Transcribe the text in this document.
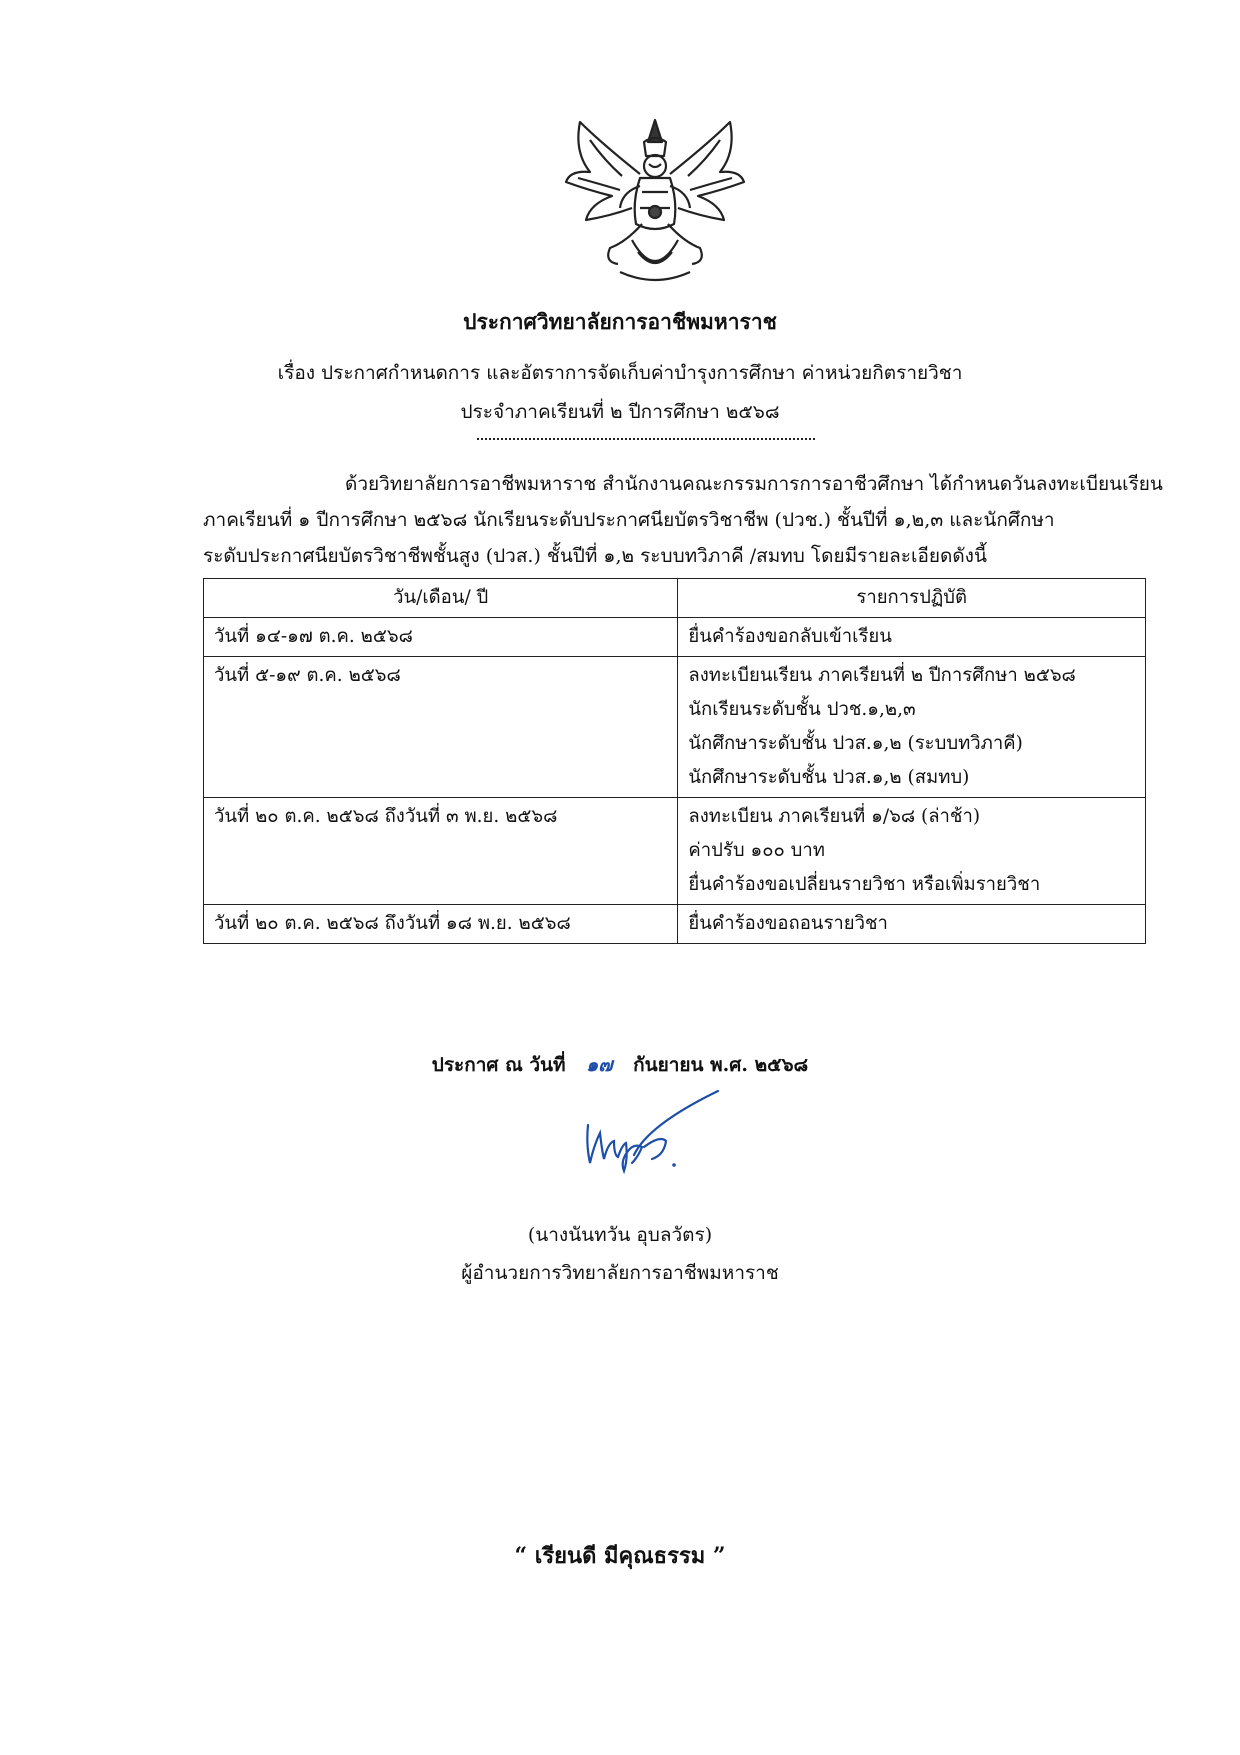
ประกาศวิทยาลัยการอาชีพมหาราช
เรื่อง ประกาศกำหนดการ และอัตราการจัดเก็บค่าบำรุงการศึกษา ค่าหน่วยกิตรายวิชา
ประจำภาคเรียนที่ ๒ ปีการศึกษา ๒๕๖๘

ด้วยวิทยาลัยการอาชีพมหาราช สำนักงานคณะกรรมการการอาชีวศึกษา ได้กำหนดวันลงทะเบียนเรียน

ภาคเรียนที่ ๑ ปีการศึกษา ๒๕๖๘ นักเรียนระดับประกาศนียบัตรวิชาชีพ (ปวช.) ชั้นปีที่ ๑,๒,๓ และนักศึกษา

ระดับประกาศนียบัตรวิชาชีพชั้นสูง (ปวส.) ชั้นปีที่ ๑,๒ ระบบทวิภาคี /สมทบ โดยมีรายละเอียดดังนี้

วัน/เดือน/ ปี	รายการปฏิบัติ
วันที่ ๑๔-๑๗ ต.ค. ๒๕๖๘	ยื่นคำร้องขอกลับเข้าเรียน

วันที่ ๕-๑๙ ต.ค. ๒๕๖๘	ลงทะเบียนเรียน ภาคเรียนที่ ๒ ปีการศึกษา ๒๕๖๘
นักเรียนระดับชั้น ปวช.๑,๒,๓
นักศึกษาระดับชั้น ปวส.๑,๒ (ระบบทวิภาคี)
นักศึกษาระดับชั้น ปวส.๑,๒ (สมทบ)

วันที่ ๒๐ ต.ค. ๒๕๖๘ ถึงวันที่ ๓ พ.ย. ๒๕๖๘	ลงทะเบียน ภาคเรียนที่ ๑/๖๘ (ล่าช้า)
ค่าปรับ ๑๐๐ บาท
ยื่นคำร้องขอเปลี่ยนรายวิชา หรือเพิ่มรายวิชา

วันที่ ๒๐ ต.ค. ๒๕๖๘ ถึงวันที่ ๑๘ พ.ย. ๒๕๖๘	ยื่นคำร้องขอถอนรายวิชา
ประกาศ ณ วันที่ ๑๗ กันยายน พ.ศ. ๒๕๖๘
(นางนันทวัน อุบลวัตร)
ผู้อำนวยการวิทยาลัยการอาชีพมหาราช
“ เรียนดี มีคุณธรรม ”
